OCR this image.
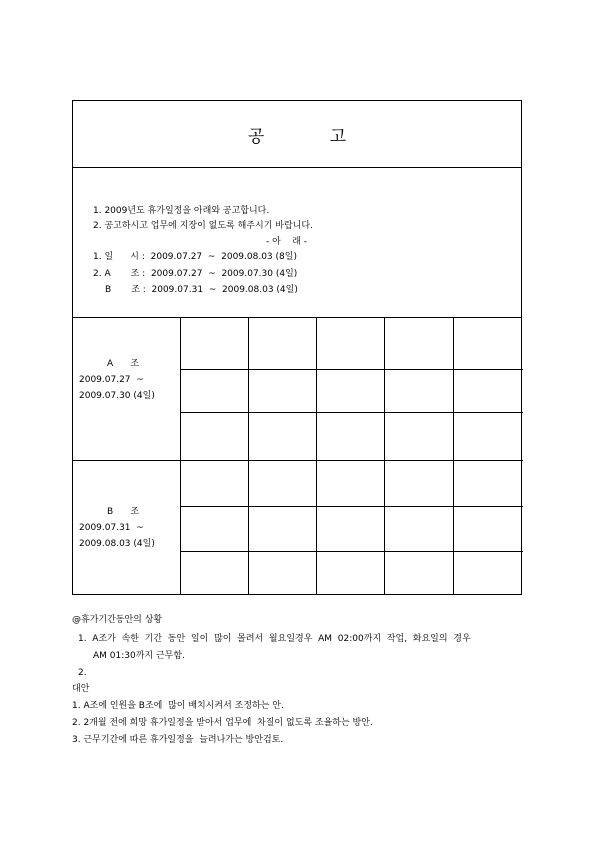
공 고
1. 2009년도 휴가일정을 아래와 공고합니다.
2. 공고하시고 업무에 지장이 없도록 해주시기 바랍니다.
- 아    래 -
1. 일      시 :  2009.07.27  ~  2009.08.03 (8일)
2. A       조 :  2009.07.27  ~  2009.07.30 (4일)
B       조 :  2009.07.31  ~  2009.08.03 (4일)
A      조
2009.07.27  ~
2009.07.30 (4일)
B      조
2009.07.31  ~
2009.08.03 (4일)
@휴가기간동안의 상황
1.  A조가  속한  기간  동안  일이  많이  몰려서  월요일경우  AM  02:00까지  작업,  화요일의  경우
AM 01:30까지 근무함.
2.
대안
1. A조에 인원을 B조에  많이 배치시켜서 조정하는 안.
2. 2개월 전에 희망 휴가일정을 받아서 업무에  차질이 없도록 조율하는 방안.
3. 근무기간에 따른 휴가일정을  늘려나가는 방안검토.
